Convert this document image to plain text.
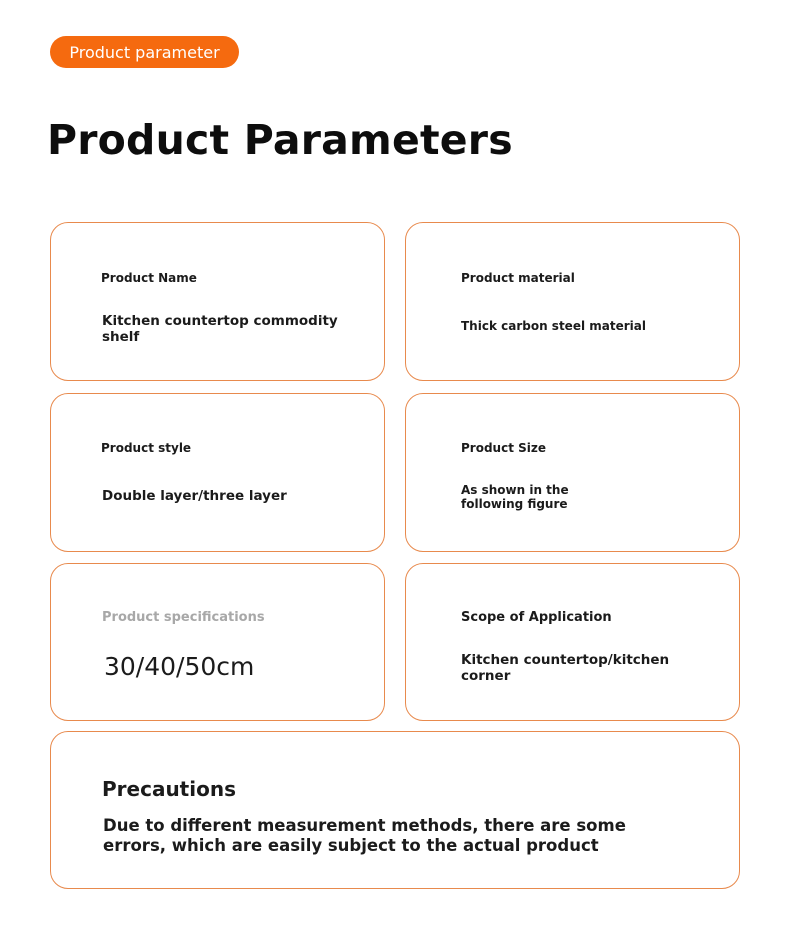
Product parameter
Product Parameters
Product Name
Kitchen countertop commodity shelf
Product material
Thick carbon steel material
Product style
Double layer/three layer
Product Size
As shown in the following figure
Product specifications
30/40/50cm
Scope of Application
Kitchen countertop/kitchen corner
Precautions
Due to different measurement methods, there are some errors, which are easily subject to the actual product
